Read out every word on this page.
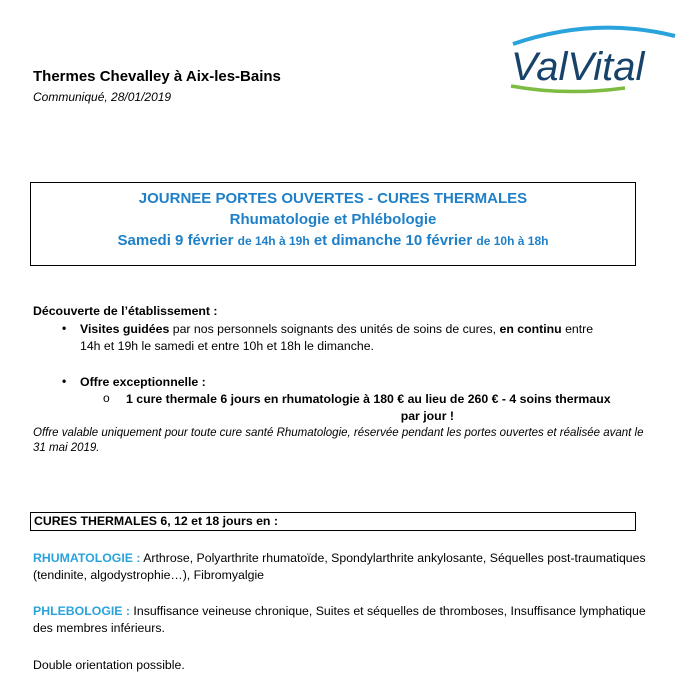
Thermes Chevalley à Aix-les-Bains
Communiqué, 28/01/2019
ValVital
JOURNEE PORTES OUVERTES - CURES THERMALES
Rhumatologie et Phlébologie
Samedi 9 février de 14h à 19h et dimanche 10 février de 10h à 18h
Découverte de l’établissement :
• Visites guidées par nos personnels soignants des unités de soins de cures, en continu entre
14h et 19h le samedi et entre 10h et 18h le dimanche.
• Offre exceptionnelle :
o 1 cure thermale 6 jours en rhumatologie à 180 € au lieu de 260 € - 4 soins thermaux
par jour !
Offre valable uniquement pour toute cure santé Rhumatologie, réservée pendant les portes ouvertes et réalisée avant le 31 mai 2019.
CURES THERMALES 6, 12 et 18 jours en :
RHUMATOLOGIE : Arthrose, Polyarthrite rhumatoïde, Spondylarthrite ankylosante, Séquelles post-traumatiques (tendinite, algodystrophie…), Fibromyalgie
PHLEBOLOGIE : Insuffisance veineuse chronique, Suites et séquelles de thromboses, Insuffisance lymphatique des membres inférieurs.
Double orientation possible.
